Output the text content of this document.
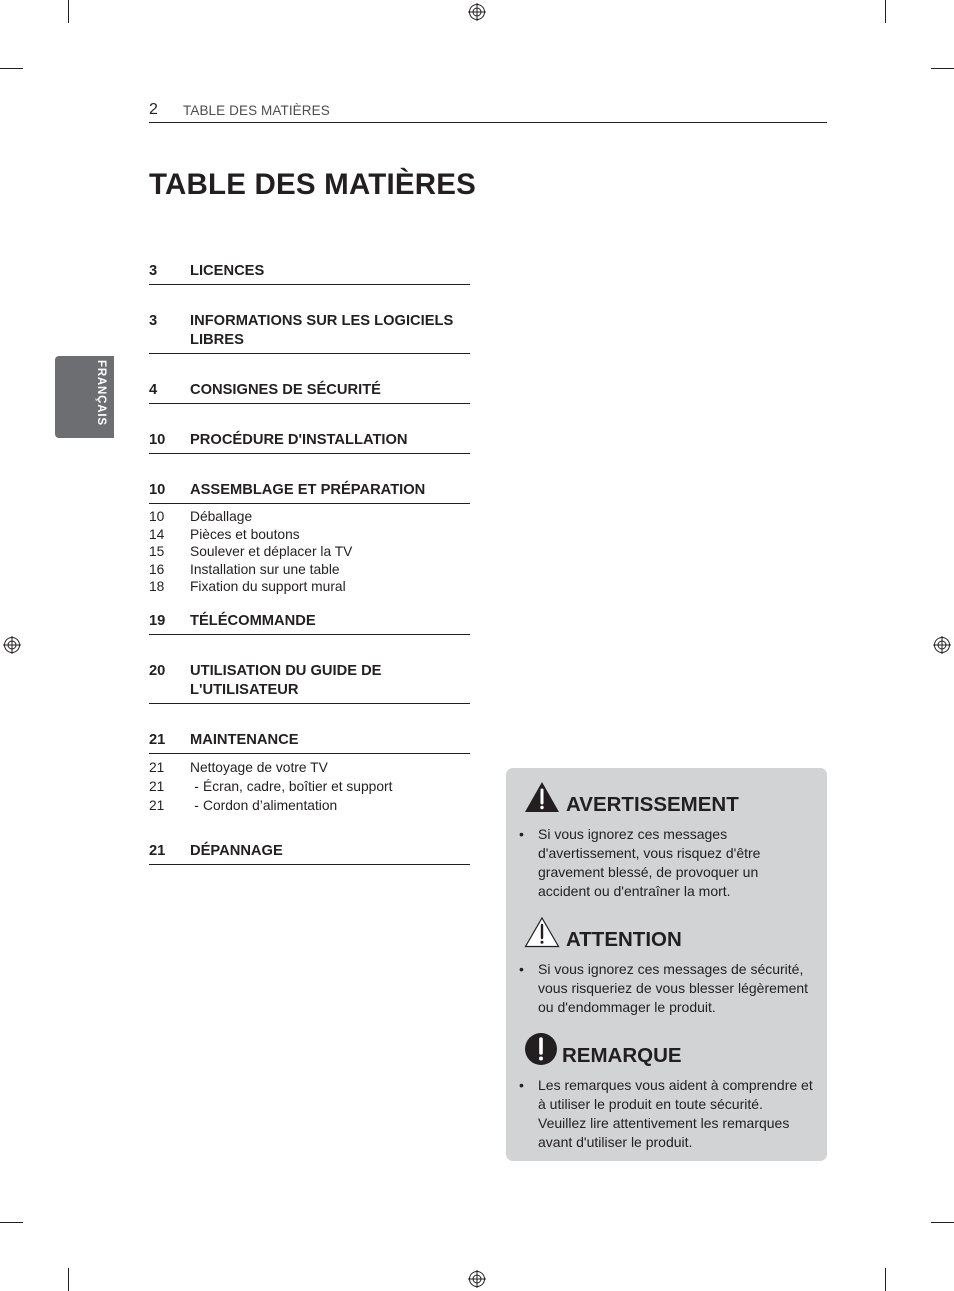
2 TABLE DES MATIÈRES
TABLE DES MATIÈRES
FRANÇAIS
3	LICENCES
3	INFORMATIONS SUR LES LOGICIELS LIBRES
4	CONSIGNES DE SÉCURITÉ
10	PROCÉDURE D'INSTALLATION
10	ASSEMBLAGE ET PRÉPARATION
10	Déballage
14	Pièces et boutons
15	Soulever et déplacer la TV
16	Installation sur une table
18	Fixation du support mural
19	TÉLÉCOMMANDE
20	UTILISATION DU GUIDE DE L'UTILISATEUR
21	MAINTENANCE
21	Nettoyage de votre TV
21	- Écran, cadre, boîtier et support
21	- Cordon d’alimentation
21	DÉPANNAGE
AVERTISSEMENT
•	Si vous ignorez ces messages d'avertissement, vous risquez d'être gravement blessé, de provoquer un accident ou d'entraîner la mort.
ATTENTION
•	Si vous ignorez ces messages de sécurité, vous risqueriez de vous blesser légèrement ou d'endommager le produit.
REMARQUE
•	Les remarques vous aident à comprendre et à utiliser le produit en toute sécurité. Veuillez lire attentivement les remarques avant d'utiliser le produit.
